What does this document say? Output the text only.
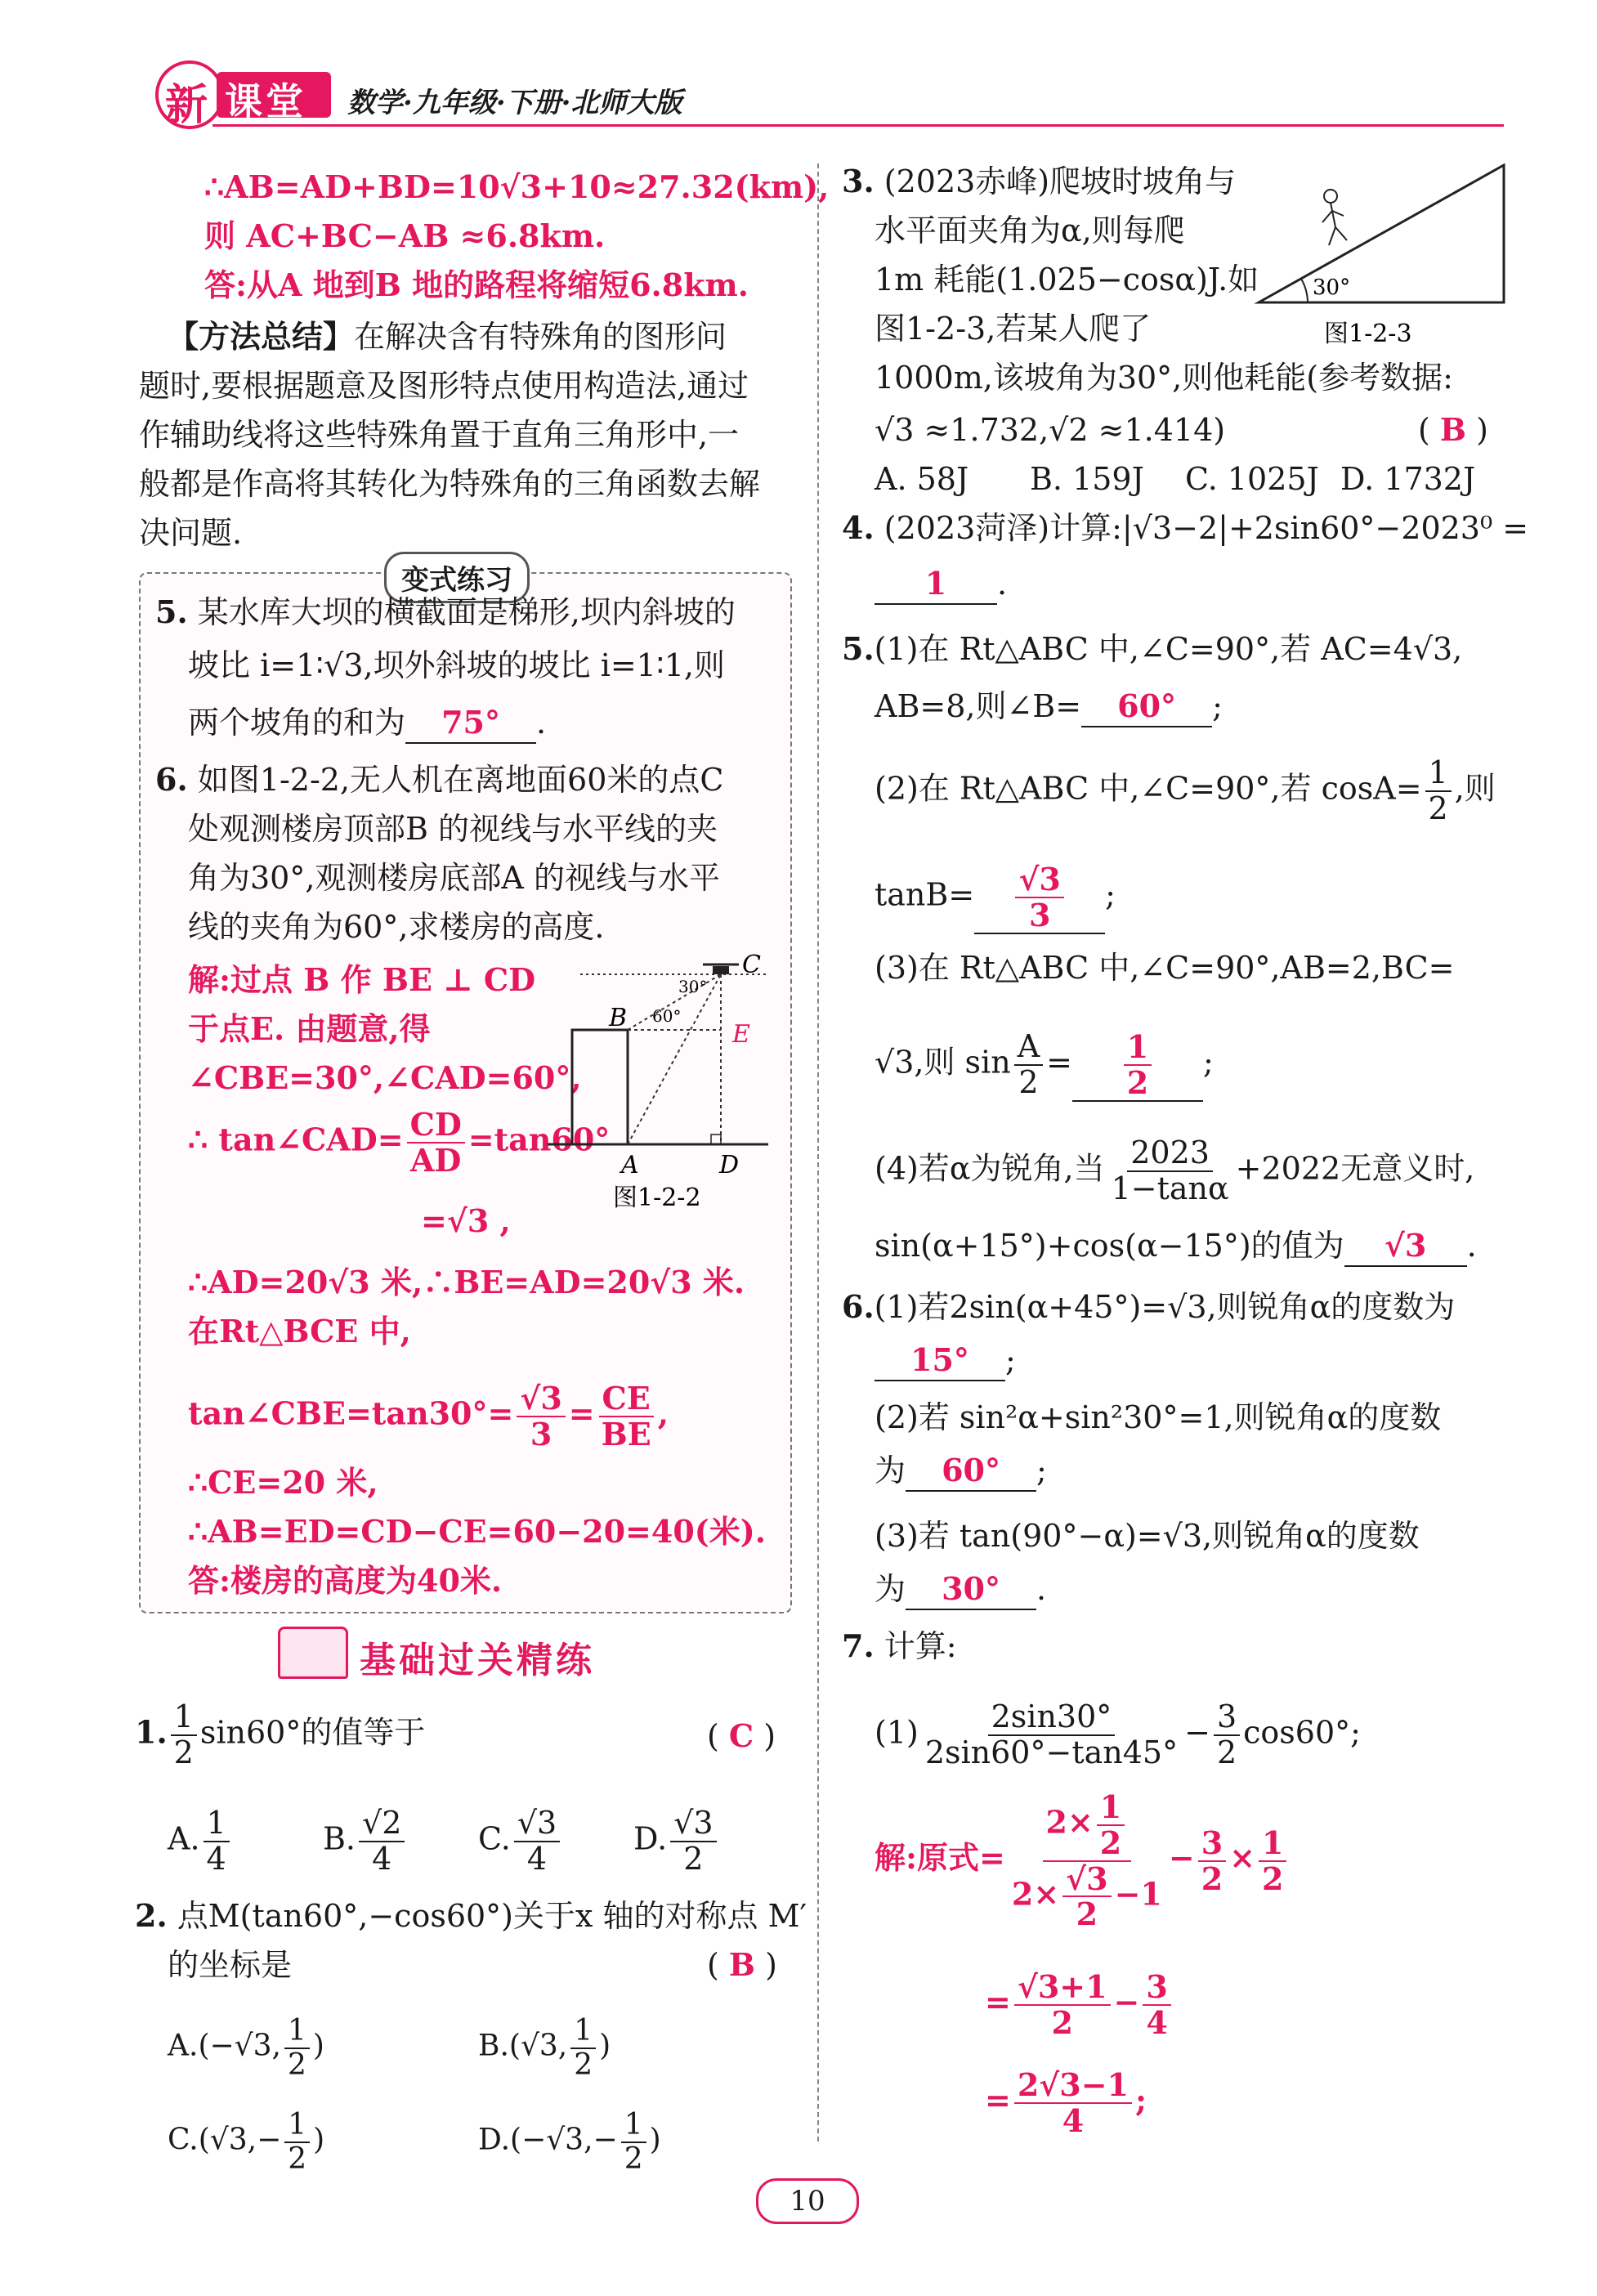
新 课堂 数学·九年级·下册·北师大版
∴AB=AD+BD=10√3+10≈27.32(km),
则 AC+BC−AB ≈6.8km.
答:从A 地到B 地的路程将缩短6.8km.
【方法总结】在解决含有特殊角的图形问
题时,要根据题意及图形特点使用构造法,通过
作辅助线将这些特殊角置于直角三角形中,一
般都是作高将其转化为特殊角的三角函数去解
决问题.
变式练习
5. 某水库大坝的横截面是梯形,坝内斜坡的
坡比 i=1∶√3,坝外斜坡的坡比 i=1∶1,则
两个坡角的和为 75° .
6. 如图1-2-2,无人机在离地面60米的点C
处观测楼房顶部B 的视线与水平线的夹
角为30°,观测楼房底部A 的视线与水平
线的夹角为60°,求楼房的高度.
解:过点 B 作 BE ⊥ CD
于点E. 由题意,得
∠CBE=30°,∠CAD=60°,
∴ tan∠CAD= $\frac{CD}{AD} =\tan 60^\circ$
=√3 ,
∴AD=20√3 米,∴BE=AD=20√3 米.
在Rt△BCE 中,
tan∠CBE=tan30°= $\frac{√3}{3} = \frac{CE}{BE}$ ,
∴CE=20 米,
∴AB=ED=CD−CE=60−20=40(米).
答:楼房的高度为40米.
C
B
E
A	D
30°
60°
图1-2-2
基础过关精练
1. $\frac{1}{2} \sin 60^\circ$的值等于	( C )
A. $\frac{1}{4}$	B. $\frac{√2}{4} C$. $\frac{√3}{4} D$. $\frac{√3}{2}$
2. 点M(tan60°,−cos60°)关于x 轴的对称点 M′
的坐标是	( B )
A.(−√3, $\frac{1}{2}$ )	B.(√3, $\frac{1}{2}$ )
$C.(√3,- \frac{1}{2}$ )	$D.(-√3,- \frac{1}{2}$ )
3. (2023赤峰)爬坡时坡角与
水平面夹角为α,则每爬
1m 耗能(1.025−cosα)J.如
图1-2-3,若某人爬了
1000m,该坡角为30°,则他耗能(参考数据:
√3 ≈1.732,√2 ≈1.414)	( B )
A. 58J B. 159J C. 1025J D. 1732J
30°
图1-2-3
4. (2023菏泽)计算:|√3−2|+2sin60°−2023⁰ =
1 .
5.(1)在 Rt△ABC 中,∠C=90°,若 AC=4√3,
AB=8,则∠B= 60° ;
(2)在 Rt△ABC 中,∠C=90°,若 $\cos A= \frac{1}{2}$ ,则
$\tan B= \frac{√3}{3}$ ;
(3)在 Rt△ABC 中,∠C=90°,AB=2,BC=
√3,则 $\sin \frac{A}{2} = \frac{1}{2}$ ;
(4)若α为锐角,当 $\frac{2023}{1-\tan\alpha} +2022$无意义时,
sin(α+15°)+cos(α−15°)的值为 √3 .
6.(1)若2sin(α+45°)=√3,则锐角α的度数为
15° ;
(2)若 sin²α+sin²30°=1,则锐角α的度数
为 60° ;
(3)若 tan(90°−α)=√3,则锐角α的度数
为 30° .
7. 计算:
$(1) \frac{2\sin 30^\circ}{2\sin 60^\circ-\tan 45^\circ} - \frac{3}{2} \cos 60^\circ$;
解:原式= $\frac{2\times \frac{1}{2}}{2\times \frac{√3}{2} -1} - \frac{3}{2} \times \frac{1}{2}$
= $\frac{√3+1}{2} - \frac{3}{4}$
= $\frac{2√3-1}{4}$ ;
10
